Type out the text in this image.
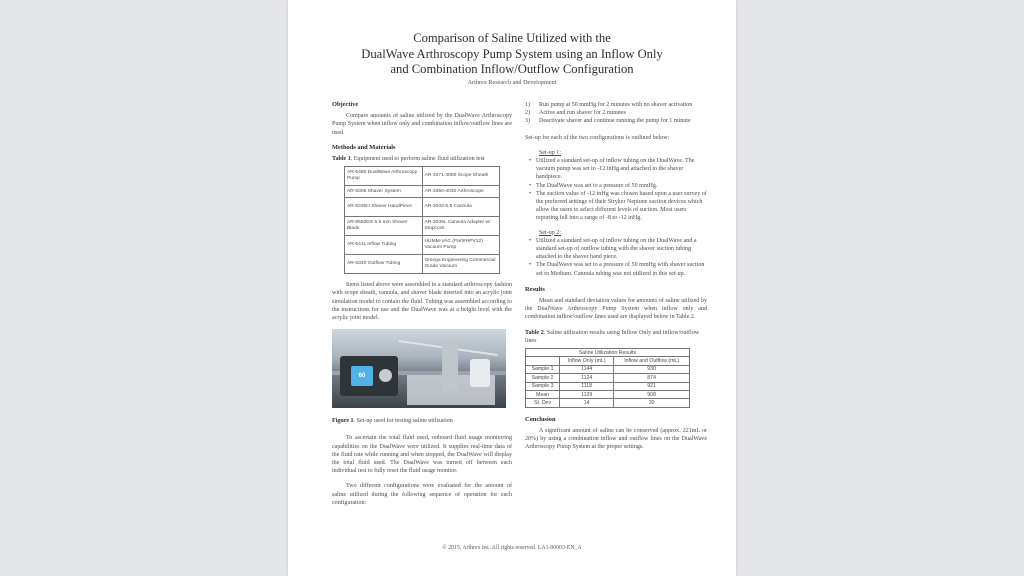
Comparison of Saline Utilized with the
DualWave Arthroscopy Pump System using an Inflow Only
and Combination Inflow/Outflow Configuration
Arthrex Research and Development
Objective
Compare amounts of saline utilized by the DualWave Arthroscopy Pump System when inflow only and combination inflow/outflow lines are used.
Methods and Materials
Table 1. Equipment used to perform saline fluid utilization test
AR-6480 DualWave Arthroscopy Pump	AR-3371-4000 Scope Sheath
AR-8305 Shaver System	AR-3350-4030 Arthroscope
AR-8330H Shaver HandPiece	AR-3032-5.5 Cannula
AR-8550DS 5.5 mm Shaver Blade	AR-3035L Cannula Adapter w/ Stopcock
AR-6411 Inflow Tubing	HUMM-VAC (Part#HPV12) Vacuum Pump
AR-6340 Outflow Tubing	Omega Engineering Commercial Grade Vacuum
Items listed above were assembled in a standard arthroscopy fashion with scope sheath, cannula, and shaver blade inserted into an acrylic joint simulation model to contain the fluid. Tubing was assembled according to the instructions for use and the DualWave was at a height level with the acrylic joint model.
60
Figure 1. Set-up used for testing saline utilization
To ascertain the total fluid used, onboard fluid usage monitoring capabilities on the DualWave were utilized. It supplies real-time data of the fluid rate while running and when stopped, the DualWave will display the total fluid used. The DualWave was turned off between each individual test to fully reset the fluid usage monitor.
Two different configurations were evaluated for the amount of saline utilized during the following sequence of operation for each configuration:
1) Run pump at 50 mmHg for 2 minutes with no shaver activation
2) Active and run shaver for 2 minutes
3) Deactivate shaver and continue running the pump for 1 minute
Set-up for each of the two configurations is outlined below:
Set-up 1:
• Utilized a standard set-up of inflow tubing on the DualWave. The vacuum pump was set to -12 inHg and attached to the shaver handpiece.
• The DualWave was set to a pressure of 50 mmHg.
• The suction value of -12 inHg was chosen based upon a user survey of the preferred settings of their Stryker Neptune suction devices which allow the users to select different levels of suction. Most users reporting fell into a range of -8 to -12 inHg.
Set-up 2:
• Utilized a standard set-up of inflow tubing on the DualWave and a standard set-up of outflow tubing with the shaver suction tubing attached to the shaver hand piece.
• The DualWave was set to a pressure of 50 mmHg with shaver suction set to Medium. Cannula tubing was not utilized in this set-up.
Results
Mean and standard deviation values for amounts of saline utilized by the DualWave Arthroscopy Pump System when inflow only and combination inflow/outflow lines used are displayed below in Table 2.
Table 2. Saline utilization results using Inflow Only and inflow/outflow lines
Saline Utilization Results		
	Inflow Only (mL)	Inflow and Outflow (mL)
Sample 1	1144	930
Sample 2	1124	874
Sample 3	1118	921
Mean	1129	908
St. Dev	14	30
Conclusion
A significant amount of saline can be conserved (approx. 221mL or 20%) by using a combination inflow and outflow lines on the DualWave Arthroscopy Pump System at the proper settings.
© 2015, Arthrex Inc. All rights reserved. LA1-00003-EN_A
